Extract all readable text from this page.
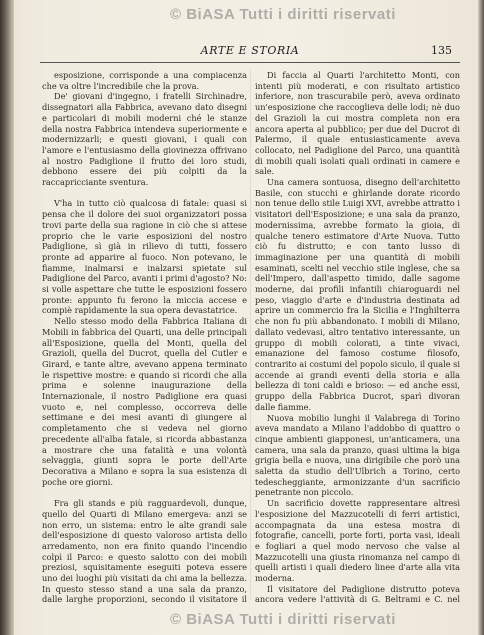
© BiASA Tutti i diritti riservati
ARTE E STORIA	135

esposizione, corrisponde a una compiacenza che va oltre l'incredibile che la prova.

De' giovani d'ingegno, i fratelli Sirchinadre, dissegnatori alla Fabbrica, avevano dato disegni e particolari di mobili moderni ché le stanze della nostra Fabbrica intendeva superiormente e modernizzarli; e questi giovani, i quali con l'amore e l'entusiasmo della giovinezza offrivano al nostro Padiglione il frutto dei loro studi, debbono essere dei più colpiti da la raccapricciante sventura.

V'ha in tutto ciò qualcosa di fatale: quasi si pensa che il dolore dei suoi organizzatori possa trovi parte della sua ragione in ciò che si attese proprio che le varie esposizioni del nostro Padiglione, sì già in rilievo di tutti, fossero pronte ad apparire al fuoco. Non potevano, le fiamme, inalmarsi e inalzarsi spietate sul Padiglione del Parco, avanti i primi d'agosto? No: si volle aspettare che tutte le esposizioni fossero pronte: appunto fu ferono la miccia accese e compiè rapidamente la sua opera devastatrice.

Nello stesso modo della Fabbrica Italiana di Mobili in fabbrica del Quarti, una delle principali all'Esposizione, quella del Monti, quella del Grazioli, quella del Ducrot, quella del Cutler e Girard, e tante altre, avevano appena terminato le rispettive mostre: e quando si ricordi che alla prima e solenne inaugurazione della Internazionale, il nostro Padiglione era quasi vuoto e, nel complesso, occorreva delle settimane e dei mesi avanti di giungere al completamento che si vedeva nel giorno precedente all'alba fatale, si ricorda abbastanza a mostrare che una fatalità e una volontà selvaggia, giunti sopra le porte dell'Arte Decorativa a Milano e sopra la sua esistenza di poche ore giorni.

Fra gli stands e più ragguardevoli, dunque, quello del Quarti di Milano emergeva: anzi se non erro, un sistema: entro le alte grandi sale dell'esposizione di questo valoroso artista dello arredamento, non era finito quando l'incendio colpì il Parco: e questo salotto con dei mobili preziosi, squisitamente eseguiti poteva essere uno dei luoghi più visitati da chi ama la bellezza. In questo stesso stand a una sala da pranzo, dalle larghe proporzioni, secondo il visitatore il

Di faccia al Quarti l'architetto Monti, con intenti più moderati, e con risultato artistico inferiore, non trascurabile però, aveva ordinato un'esposizione che raccoglieva delle lodi; nè duo del Grazioli la cui mostra completa non era ancora aperta al pubblico; per due del Ducrot di Palermo, il quale entusiasticamente aveva collocato, nel Padiglione del Parco, una quantità di mobili quali isolati quali ordinati in camere e sale.

Una camera sontuosa, disegno dell'architetto Basile, con stucchi e ghirlande dorate ricordo non tenue dello stile Luigi XVI, avrebbe attratto i visitatori dell'Esposizione; e una sala da pranzo, modernissima, avrebbe formato la gioia, di qualche tenero estimatore d'Arte Nuova. Tutto ciò fu distrutto; e con tanto lusso di immaginazione per una quantità di mobili esaminati, scelti nel vecchio stile inglese, che sa dell'Impero, dall'aspetto timido, dalle sagome moderne, dai profili infantili chiaroguardi nel peso, viaggio d'arte e d'industria destinata ad aprire un commercio fra la Sicilia e l'Inghilterra che non fu più abbandonato. I mobili di Milano, dallato vedevasi, altro tentativo interessante, un gruppo di mobili colorati, a tinte vivaci, emanazione del famoso costume filosofo, contrarito ai costumi del popolo siculo, il quale si accende ai grandi eventi della storia e alla bellezza di toni caldi e brioso: — ed anche essi, gruppo della Fabbrica Ducrot, sparì divoran dalle fiamme.

Nuova mobilio lunghi il Valabrega di Torino aveva mandato a Milano l'addobbo di quattro o cinque ambienti giapponesi, un'anticamera, una camera, una sala da pranzo, quasi ultima la biga grigia bella e nuova, una dirigibile che porò una saletta da studio dell'Ulbrich a Torino, certo tedescheggiante, armonizzante d'un sacrificio penetrante non piccolo.

Un sacrificio dovette rappresentare altresì l'esposizione del Mazzucotelli di ferri artistici, accompagnata da una estesa mostra di fotografie, cancelli, porte forti, porta vasi, ideali e fogliari a quel modo nervoso che valse al Mazzucotelli una giusta rinomanza nel campo di quelli artisti i quali diedero linee d'arte alla vita moderna.

Il visitatore del Padiglione distrutto poteva ancora vedere l'attività di G. Beltrami e C. nel

© BiASA Tutti i diritti riservati
